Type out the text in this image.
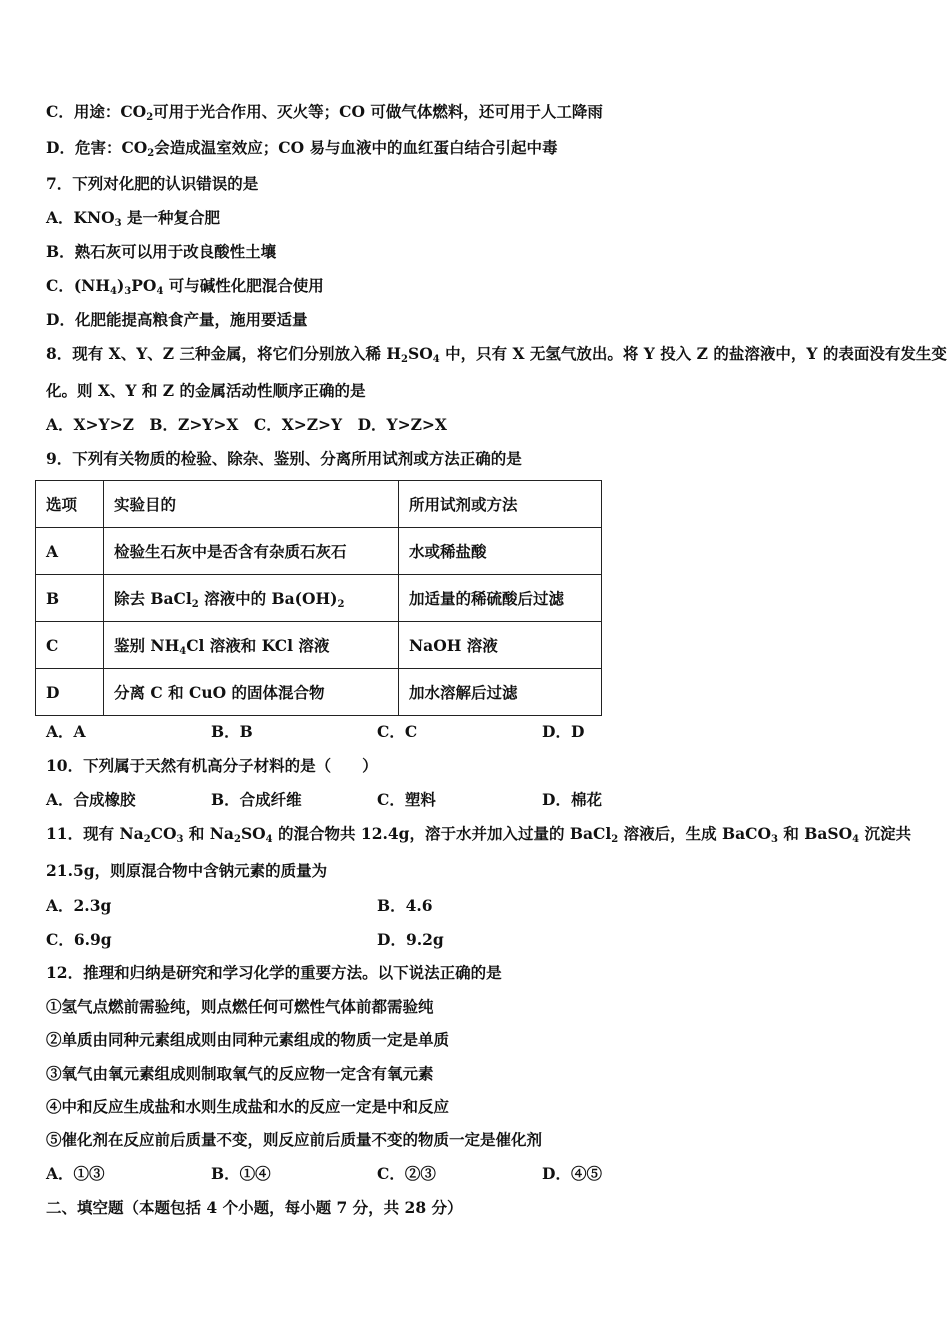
C．用途：$CO_2$可用于光合作用、灭火等；CO 可做气体燃料，还可用于人工降雨
D．危害：$CO_2$会造成温室效应；CO 易与血液中的血红蛋白结合引起中毒
7．下列对化肥的认识错误的是
A．$KNO_3$ 是一种复合肥
B．熟石灰可以用于改良酸性土壤
C．$(NH_4)_3PO_4$ 可与碱性化肥混合使用
D．化肥能提高粮食产量，施用要适量
8．现有 X、Y、Z 三种金属，将它们分别放入稀 $H_2SO_4$ 中，只有 X 无氢气放出。将 Y 投入 Z 的盐溶液中，Y 的表面没有发生变
化。则 X、Y 和 Z 的金属活动性顺序正确的是
A．X>Y>Z　B．Z>Y>X　C．X>Z>Y　D．Y>Z>X
9．下列有关物质的检验、除杂、鉴别、分离所用试剂或方法正确的是
选项	实验目的	所用试剂或方法
A	检验生石灰中是否含有杂质石灰石	水或稀盐酸
B	除去 BaCl$_2$ 溶液中的 $Ba(OH)_2$	加适量的稀硫酸后过滤
C	鉴别 $NH_4Cl$ 溶液和 KCl 溶液	NaOH 溶液
D	分离 C 和 CuO 的固体混合物	加水溶解后过滤
A．A	B．B	C．C	D．D
10．下列属于天然有机高分子材料的是（　　）
A．合成橡胶	B．合成纤维	C．塑料	D．棉花
11．现有 $Na_2CO_3$ 和 $Na_2SO_4$ 的混合物共 12.4g，溶于水并加入过量的 BaCl$_2$ 溶液后，生成 BaCO$_3$ 和 BaSO$_4$ 沉淀共
21.5g，则原混合物中含钠元素的质量为
A．2.3g	B．4.6
C．6.9g	D．9.2g
12．推理和归纳是研究和学习化学的重要方法。以下说法正确的是
①氢气点燃前需验纯，则点燃任何可燃性气体前都需验纯
②单质由同种元素组成则由同种元素组成的物质一定是单质
③氧气由氧元素组成则制取氧气的反应物一定含有氧元素
④中和反应生成盐和水则生成盐和水的反应一定是中和反应
⑤催化剂在反应前后质量不变，则反应前后质量不变的物质一定是催化剂
A．①③	B．①④	C．②③	D．④⑤
二、填空题（本题包括 4 个小题，每小题 7 分，共 28 分）
